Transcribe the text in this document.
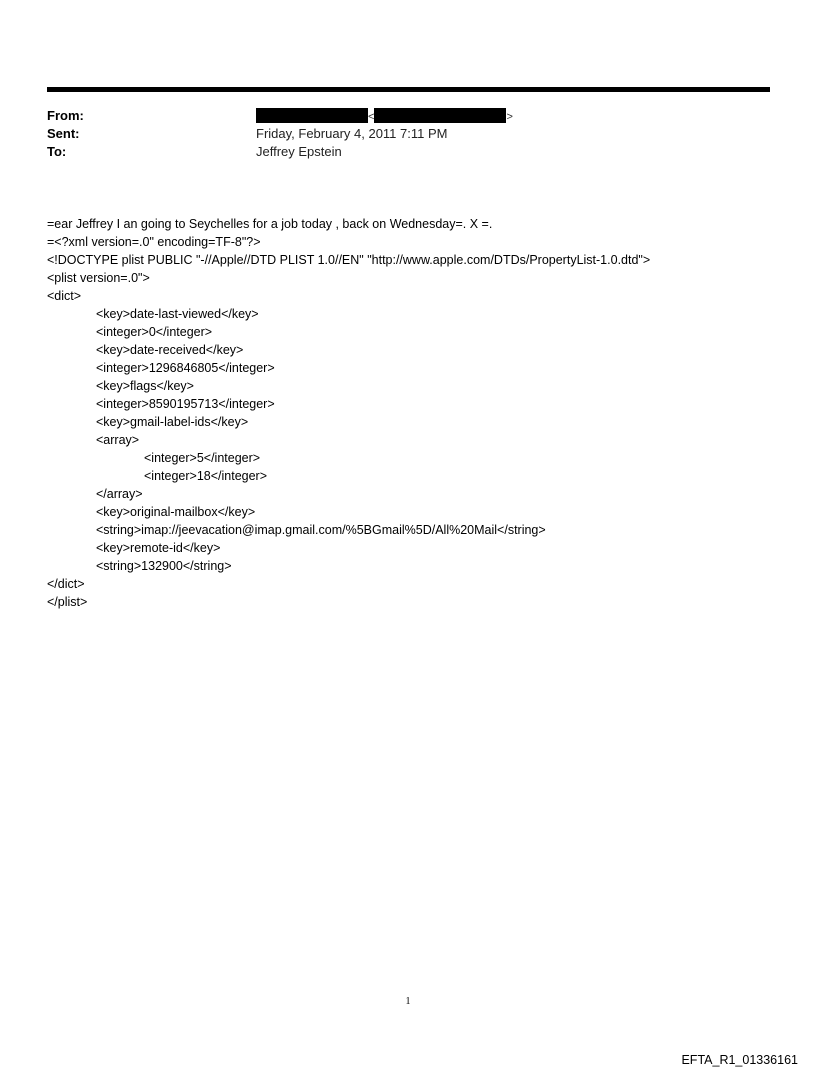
From:	<	>
Sent:	Friday, February 4, 2011 7:11 PM
To:	Jeffrey Epstein
=ear Jeffrey I an going to Seychelles for a job today , back on Wednesday=. X =.
=<?xml version=.0" encoding=TF-8"?>
<!DOCTYPE plist PUBLIC "-//Apple//DTD PLIST 1.0//EN" "http://www.apple.com/DTDs/PropertyList-1.0.dtd">
<plist version=.0">
<dict>
<key>date-last-viewed</key>
<integer>0</integer>
<key>date-received</key>
<integer>1296846805</integer>
<key>flags</key>
<integer>8590195713</integer>
<key>gmail-label-ids</key>
<array>
<integer>5</integer>
<integer>18</integer>
</array>
<key>original-mailbox</key>
<string>imap://jeevacation@imap.gmail.com/%5BGmail%5D/All%20Mail</string>
<key>remote-id</key>
<string>132900</string>
</dict>
</plist>
1
EFTA_R1_01336161
